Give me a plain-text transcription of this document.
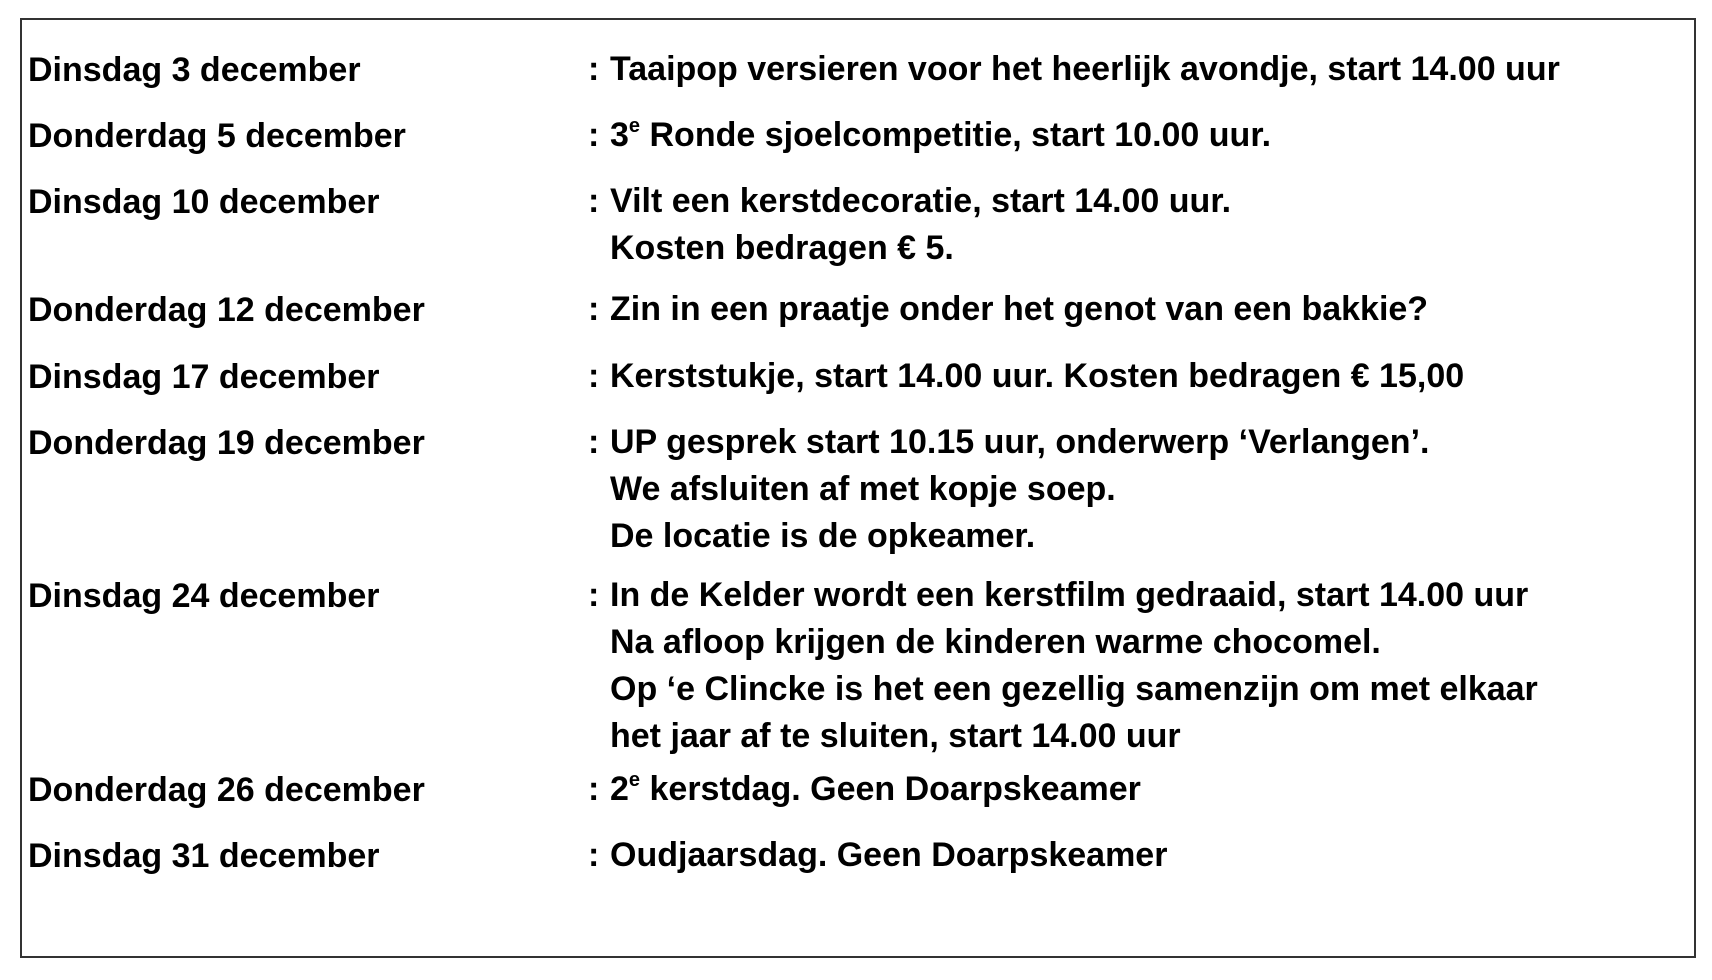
Dinsdag 3 december	: Taaipop versieren voor het heerlijk avondje, start 14.00 uur
Donderdag 5 december	: 3e Ronde sjoelcompetitie, start 10.00 uur.
Dinsdag 10 december	: Vilt een kerstdecoratie, start 14.00 uur.
Kosten bedragen € 5.
Donderdag 12 december	: Zin in een praatje onder het genot van een bakkie?
Dinsdag 17 december	: Kerststukje, start 14.00 uur. Kosten bedragen € 15,00
Donderdag 19 december	: UP gesprek start 10.15 uur, onderwerp ‘Verlangen’.
We afsluiten af met kopje soep.
De locatie is de opkeamer.
Dinsdag 24 december	: In de Kelder wordt een kerstfilm gedraaid, start 14.00 uur
Na afloop krijgen de kinderen warme chocomel.
Op ‘e Clincke is het een gezellig samenzijn om met elkaar
het jaar af te sluiten, start 14.00 uur
Donderdag 26 december	: 2e kerstdag. Geen Doarpskeamer
Dinsdag 31 december	: Oudjaarsdag. Geen Doarpskeamer
